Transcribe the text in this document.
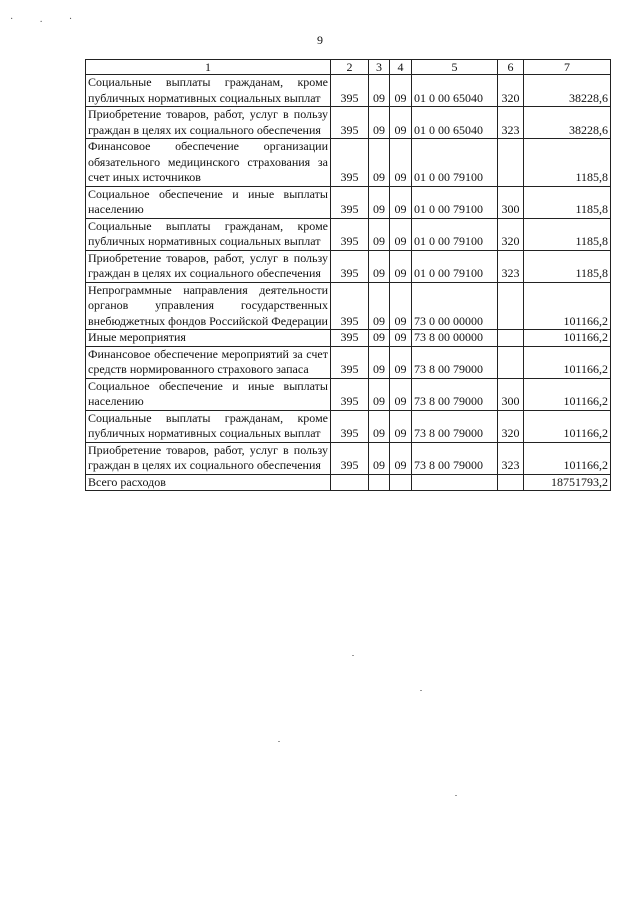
· . ·
9
1	2	3	4	5	6	7
Социальные выплаты гражданам, кроме публичных нормативных социальных выплат	395	09	09	01 0 00 65040	320	38228,6
Приобретение товаров, работ, услуг в пользу граждан в целях их социального обеспечения	395	09	09	01 0 00 65040	323	38228,6
Финансовое обеспечение организации обязательного медицинского страхования за счет иных источников	395	09	09	01 0 00 79100		1185,8
Социальное обеспечение и иные выплаты населению	395	09	09	01 0 00 79100	300	1185,8
Социальные выплаты гражданам, кроме публичных нормативных социальных выплат	395	09	09	01 0 00 79100	320	1185,8
Приобретение товаров, работ, услуг в пользу граждан в целях их социального обеспечения	395	09	09	01 0 00 79100	323	1185,8
Непрограммные направления деятельности органов управления государственных внебюджетных фондов Российской Федерации	395	09	09	73 0 00 00000		101166,2
Иные мероприятия	395	09	09	73 8 00 00000		101166,2
Финансовое обеспечение мероприятий за счет средств нормированного страхового запаса	395	09	09	73 8 00 79000		101166,2
Социальное обеспечение и иные выплаты населению	395	09	09	73 8 00 79000	300	101166,2
Социальные выплаты гражданам, кроме публичных нормативных социальных выплат	395	09	09	73 8 00 79000	320	101166,2
Приобретение товаров, работ, услуг в пользу граждан в целях их социального обеспечения	395	09	09	73 8 00 79000	323	101166,2
Всего расходов						18751793,2
